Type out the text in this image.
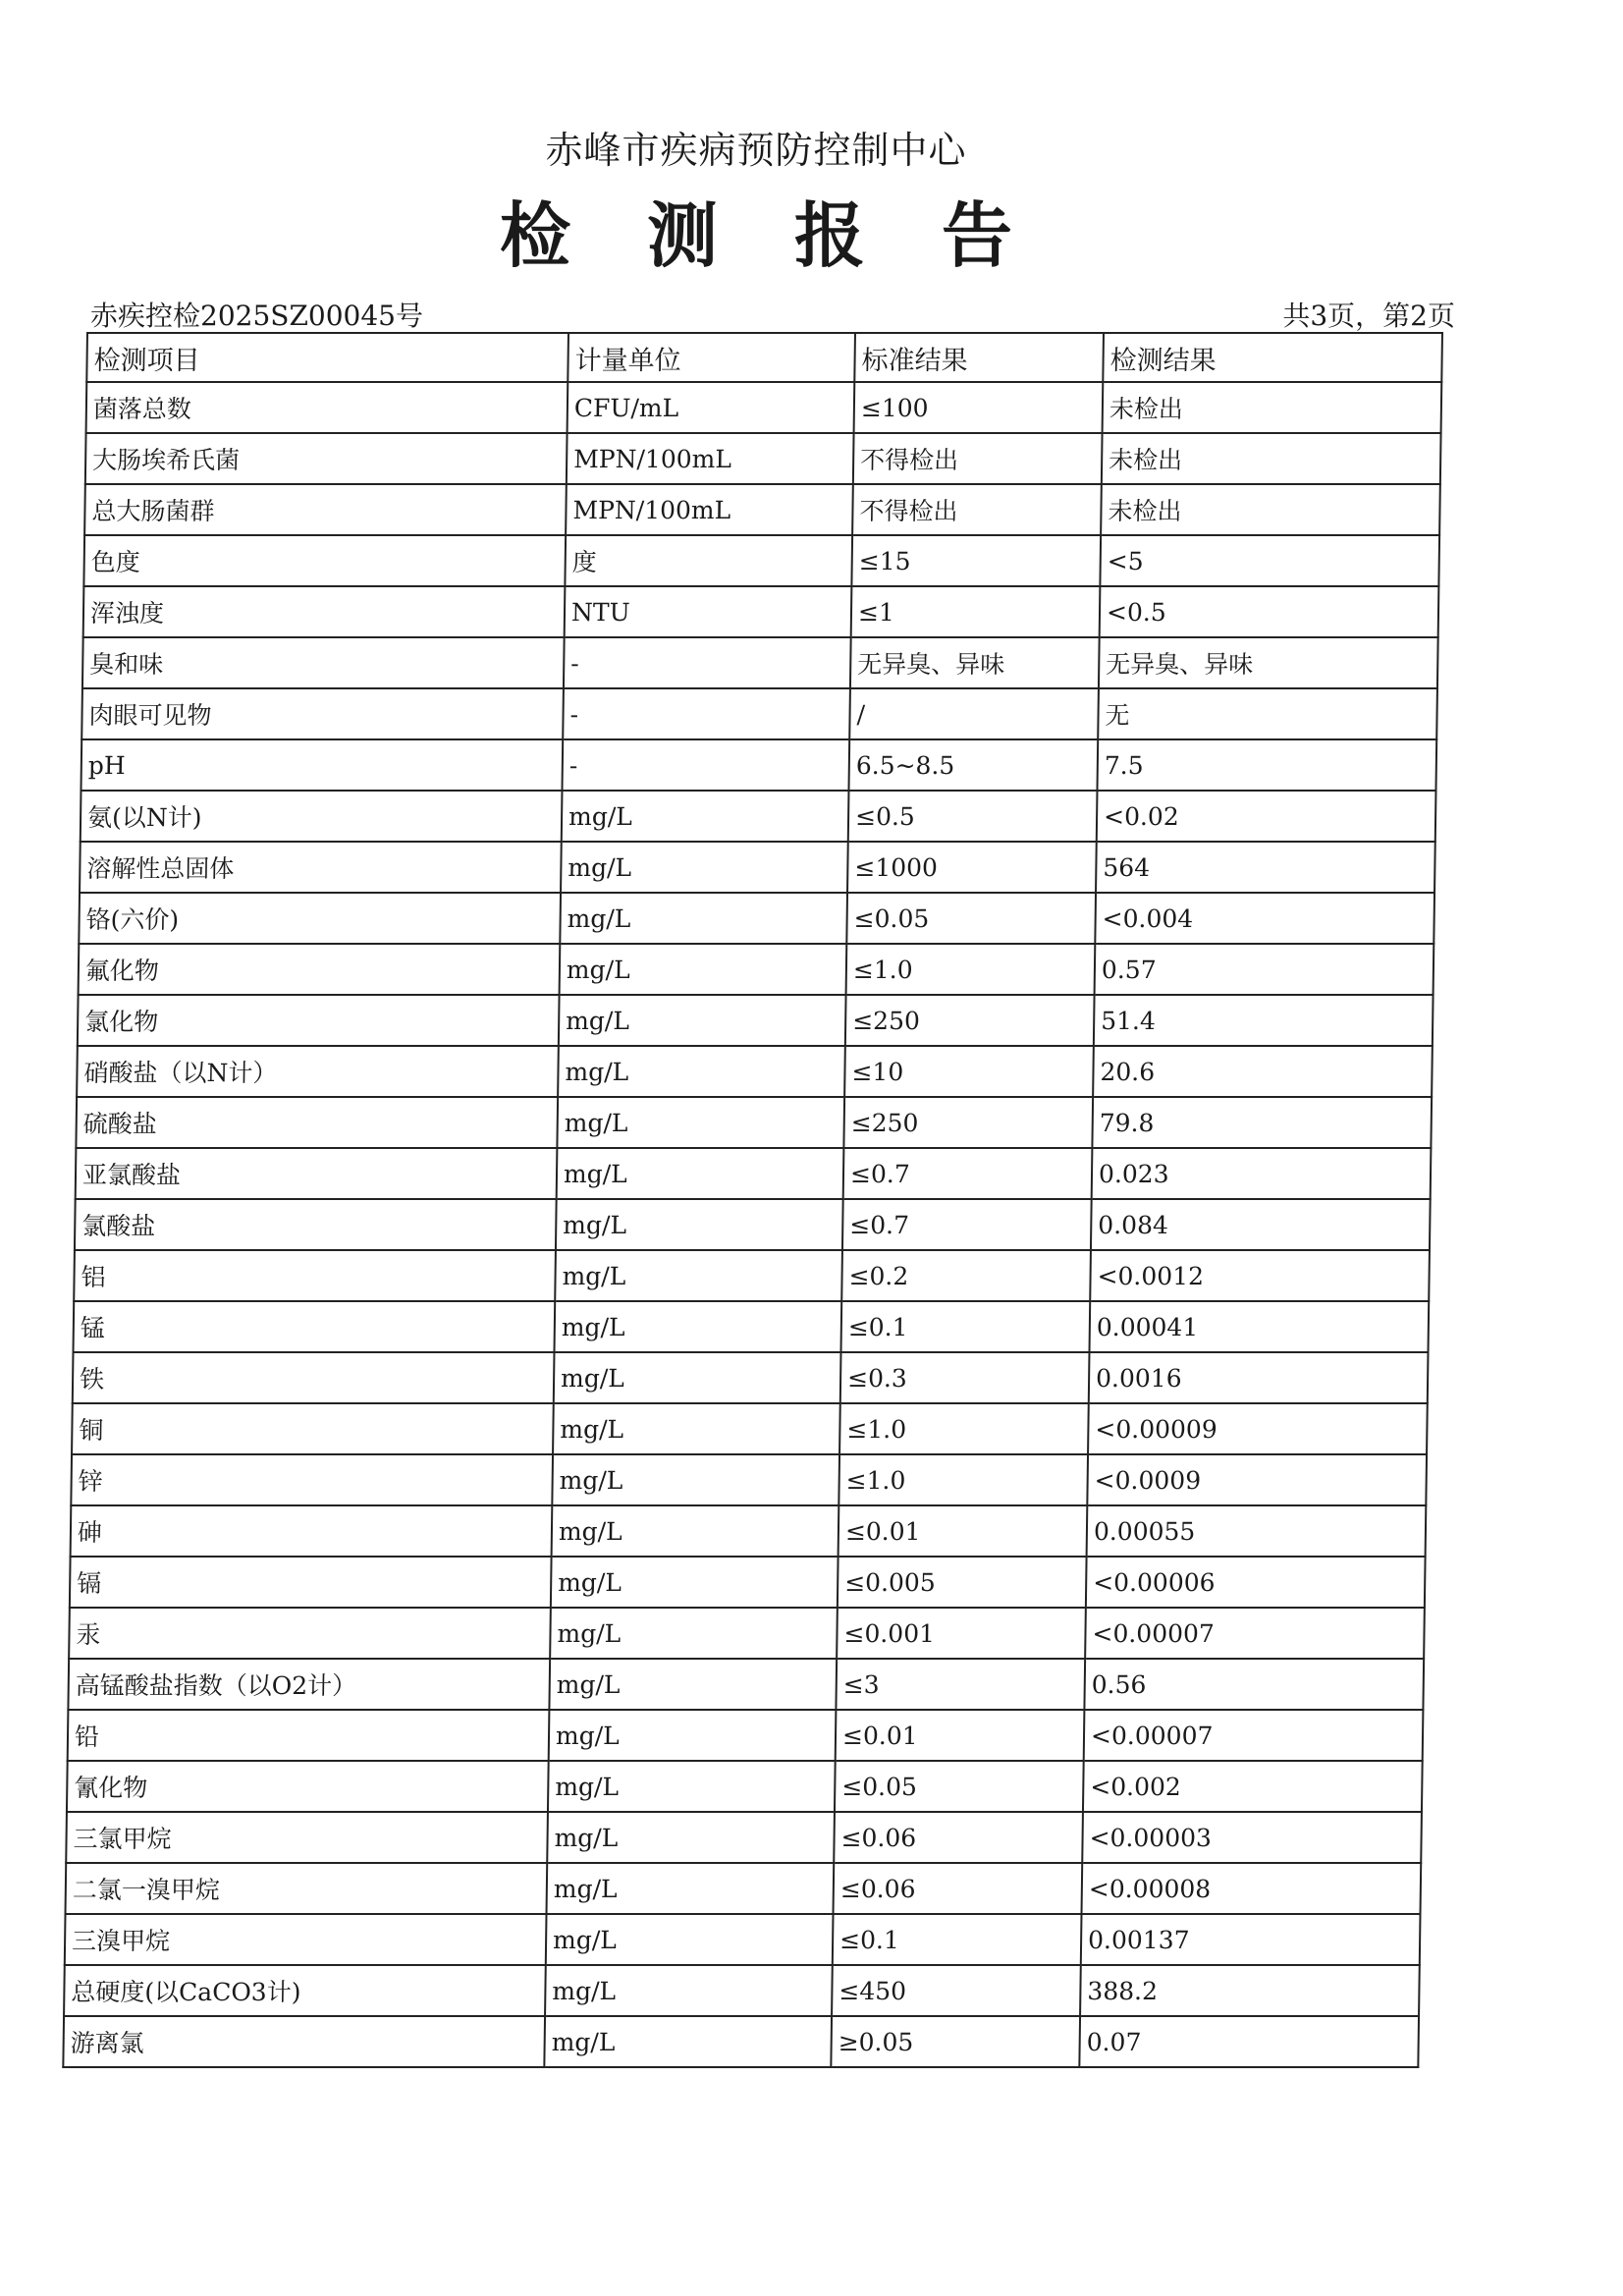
赤峰市疾病预防控制中心
检测报告
赤疾控检2025SZ00045号	共3页，第2页
检测项目	计量单位	标准结果	检测结果
菌落总数	CFU/mL	≤100	未检出
大肠埃希氏菌	MPN/100mL	不得检出	未检出
总大肠菌群	MPN/100mL	不得检出	未检出
色度	度	≤15	<5
浑浊度	NTU	≤1	<0.5
臭和味	-	无异臭、异味	无异臭、异味
肉眼可见物	-	/	无
pH	-	6.5~8.5	7.5
氨(以N计)	mg/L	≤0.5	<0.02
溶解性总固体	mg/L	≤1000	564
铬(六价)	mg/L	≤0.05	<0.004
氟化物	mg/L	≤1.0	0.57
氯化物	mg/L	≤250	51.4
硝酸盐（以N计）	mg/L	≤10	20.6
硫酸盐	mg/L	≤250	79.8
亚氯酸盐	mg/L	≤0.7	0.023
氯酸盐	mg/L	≤0.7	0.084
铝	mg/L	≤0.2	<0.0012
锰	mg/L	≤0.1	0.00041
铁	mg/L	≤0.3	0.0016
铜	mg/L	≤1.0	<0.00009
锌	mg/L	≤1.0	<0.0009
砷	mg/L	≤0.01	0.00055
镉	mg/L	≤0.005	<0.00006
汞	mg/L	≤0.001	<0.00007
高锰酸盐指数（以O2计）	mg/L	≤3	0.56
铅	mg/L	≤0.01	<0.00007
氰化物	mg/L	≤0.05	<0.002
三氯甲烷	mg/L	≤0.06	<0.00003
二氯一溴甲烷	mg/L	≤0.06	<0.00008
三溴甲烷	mg/L	≤0.1	0.00137
总硬度(以CaCO3计)	mg/L	≤450	388.2
游离氯	mg/L	≥0.05	0.07
